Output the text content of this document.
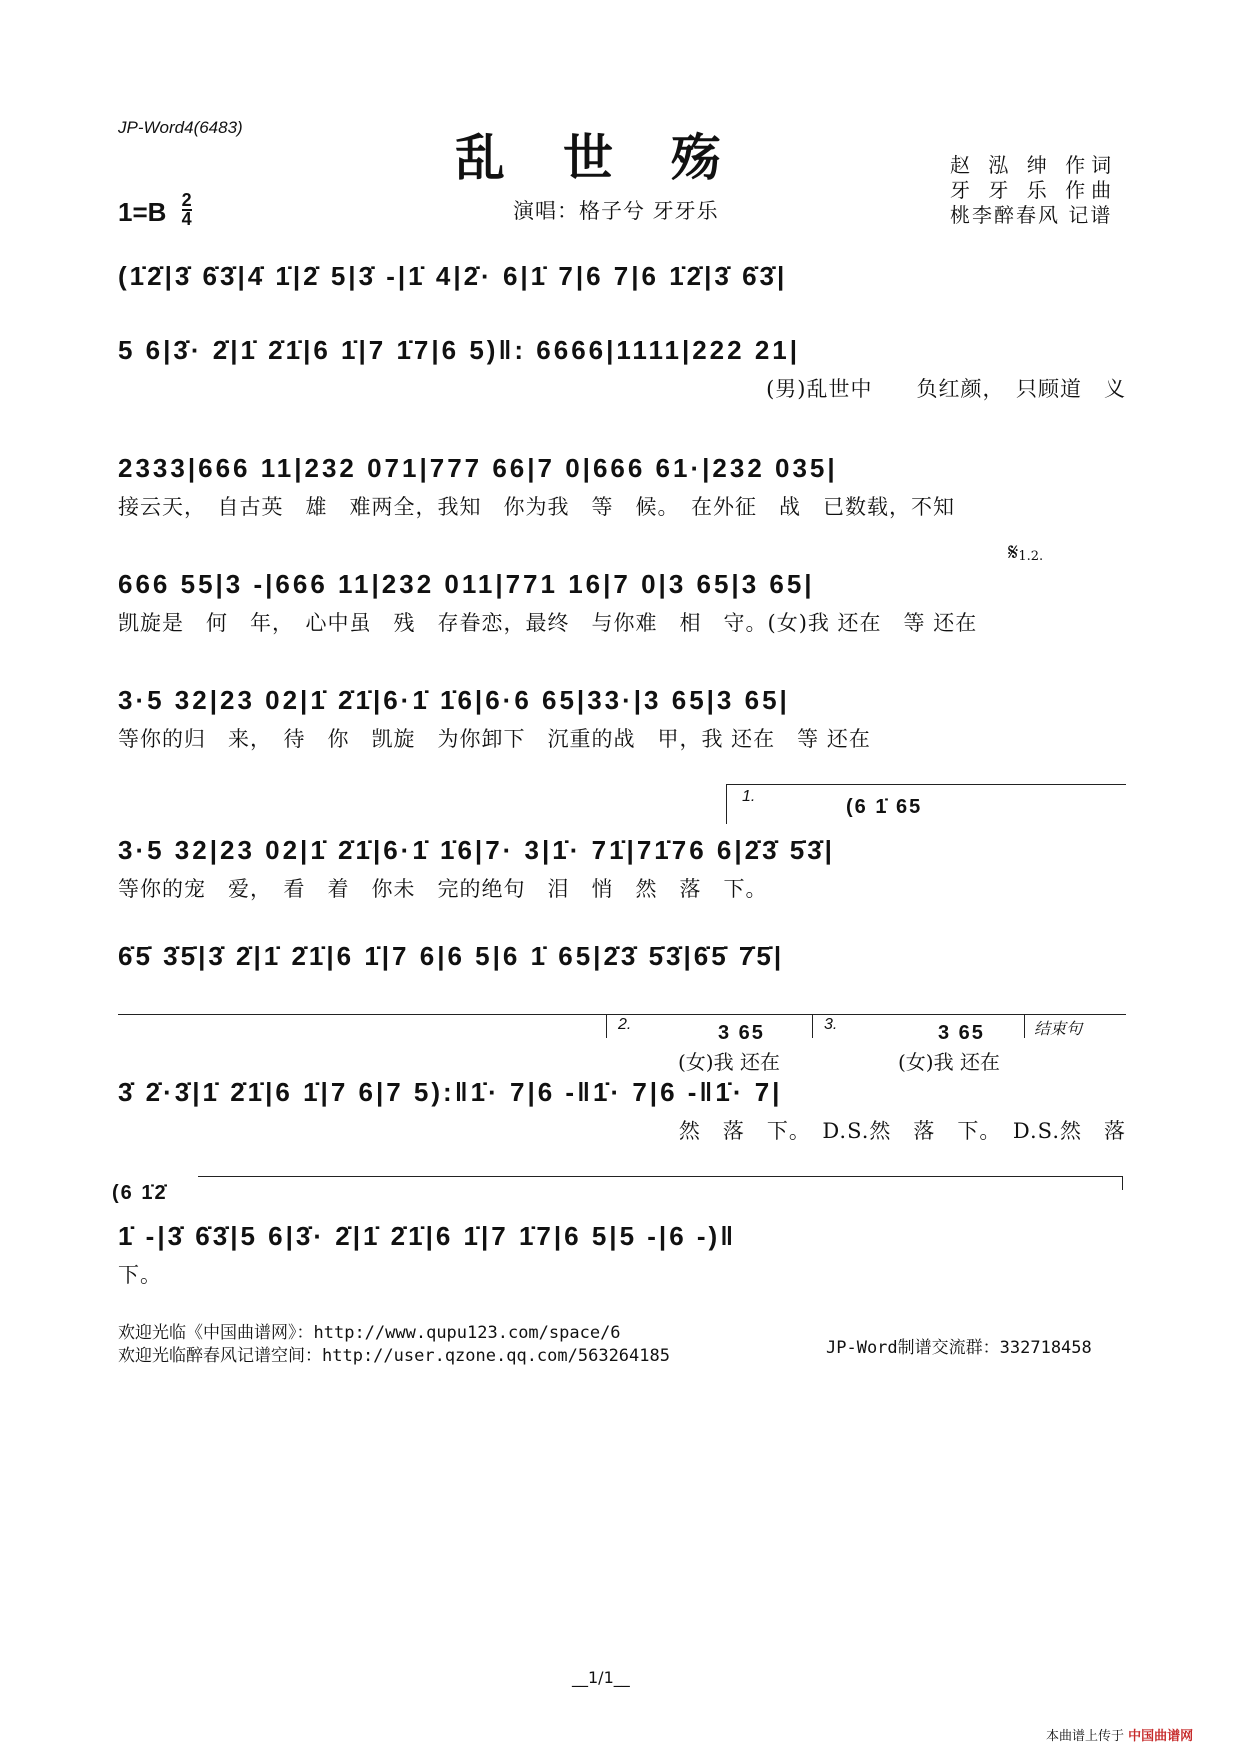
JP-Word4(6483)
乱世殇	赵 泓 绅 作词
牙 牙 乐 作曲
桃李醉春风 记谱
$1=B \frac{2}{4}$	演唱：格子兮 牙牙乐
(1̇2̇|3̇ 6̇3̇|4̇ 1̇|2̇ 5|3̇ -|1̇ 4|2̇· 6|1̇ 7|6 7|6 1̇2̇|3̇ 6̇3̇|
5 6|3̇· 2̇|1̇ 2̇1̇|6 1̇|7 1̇7|6 5)‖: 6666|1111|222 21|
(男)乱世中　　负红颜，　只顾道　义
2333|666 11|232 071|777 66|7 0|666 61·|232 035|
接云天，　自古英　雄　难两全，我知　你为我　等　候。　在外征　战　已数载，不知
𝄋1.2.
666 55|3 -|666 11|232 011|771 16|7 0|3 65|3 65|
凯旋是　何　年，　心中虽　残　存眷恋，最终　与你难　相　守。(女)我 还在　等 还在
3·5 32|23 02|1̇ 2̇1̇|6·1̇ 1̇6|6·6 65|33·|3 65|3 65|
等你的归　来，　待　你　凯旋　为你卸下　沉重的战　甲，我 还在　等 还在
1.	(6 1̇ 65
3·5 32|23 02|1̇ 2̇1̇|6·1̇ 1̇6|7· 3|1̇· 71̇|71̇76 6|2̇3̇ 5̇3̇|
等你的宠　爱，　看　着　你未　完的绝句　泪　悄　然　落　下。
6̇5̇ 3̇5̇|3̇ 2̇|1̇ 2̇1̇|6 1̇|7 6|6 5|6 1̇ 65|2̇3̇ 5̇3̇|6̇5̇ 7̇5̇|
2.	3 65
(女)我 还在
3.	3 65
(女)我 还在
结束句
3̇ 2̇·3̇|1̇ 2̇1̇|6 1̇|7 6|7 5):‖1̇· 7|6 -‖1̇· 7|6 -‖1̇· 7|
然　落　下。　D.S.然　落　下。　D.S.然　落
(6 1̇2̇
1̇ -|3̇ 6̇3̇|5 6|3̇· 2̇|1̇ 2̇1̇|6 1̇|7 1̇7|6 5|5 -|6 -)‖
下。
欢迎光临《中国曲谱网》：http://www.qupu123.com/space/6
欢迎光临醉春风记谱空间：http://user.qzone.qq.com/563264185	JP-Word制谱交流群：332718458
__1/1__
本曲谱上传于 中国曲谱网
